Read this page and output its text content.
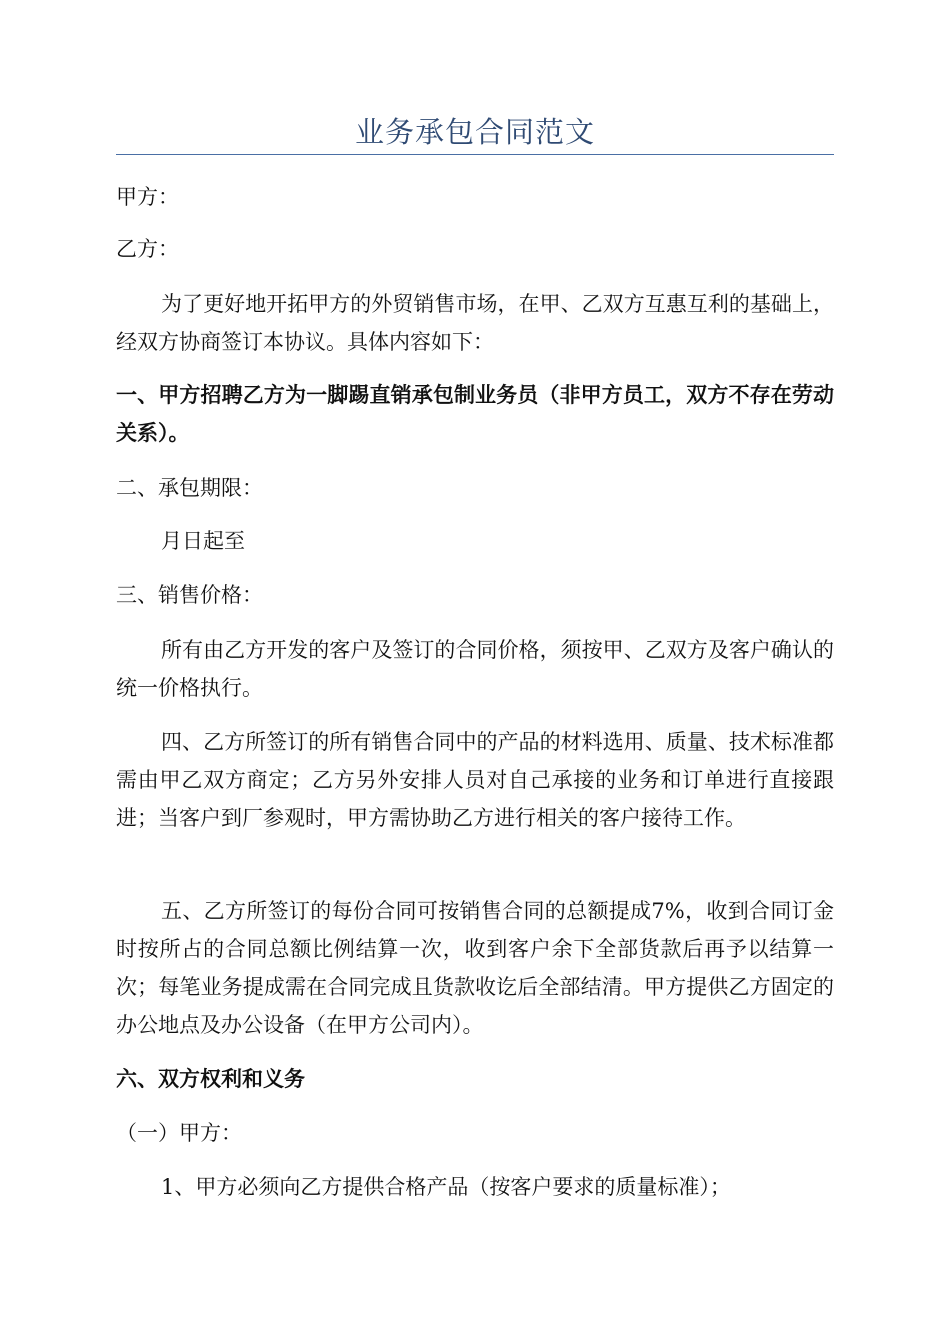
业务承包合同范文

甲方：

乙方：

为了更好地开拓甲方的外贸销售市场，在甲、乙双方互惠互利的基础上，经双方协商签订本协议。具体内容如下：

一、甲方招聘乙方为一脚踢直销承包制业务员（非甲方员工，双方不存在劳动关系）。

二、承包期限：

月日起至

三、销售价格：

所有由乙方开发的客户及签订的合同价格，须按甲、乙双方及客户确认的统一价格执行。

四、乙方所签订的所有销售合同中的产品的材料选用、质量、技术标准都需由甲乙双方商定；乙方另外安排人员对自己承接的业务和订单进行直接跟进；当客户到厂参观时，甲方需协助乙方进行相关的客户接待工作。

五、乙方所签订的每份合同可按销售合同的总额提成7%，收到合同订金时按所占的合同总额比例结算一次，收到客户余下全部货款后再予以结算一次；每笔业务提成需在合同完成且货款收讫后全部结清。甲方提供乙方固定的办公地点及办公设备（在甲方公司内）。

六、双方权利和义务

（一）甲方：

1、甲方必须向乙方提供合格产品（按客户要求的质量标准）；
